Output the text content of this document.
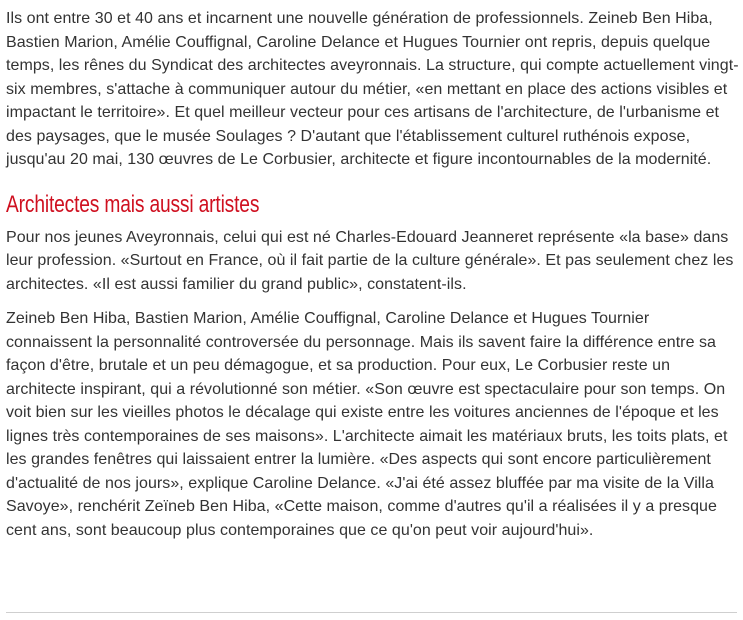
Ils ont entre 30 et 40 ans et incarnent une nouvelle génération de professionnels. Zeineb Ben Hiba, Bastien Marion, Amélie Couffignal, Caroline Delance et Hugues Tournier ont repris, depuis quelque temps, les rênes du Syndicat des architectes aveyronnais. La structure, qui compte actuellement vingt-six membres, s'attache à communiquer autour du métier, «en mettant en place des actions visibles et impactant le territoire». Et quel meilleur vecteur pour ces artisans de l'architecture, de l'urbanisme et des paysages, que le musée Soulages ? D'autant que l'établissement culturel ruthénois expose, jusqu'au 20 mai, 130 œuvres de Le Corbusier, architecte et figure incontournables de la modernité.

Architectes mais aussi artistes

Pour nos jeunes Aveyronnais, celui qui est né Charles-Edouard Jeanneret représente «la base» dans leur profession. «Surtout en France, où il fait partie de la culture générale». Et pas seulement chez les architectes. «Il est aussi familier du grand public», constatent-ils.

Zeineb Ben Hiba, Bastien Marion, Amélie Couffignal, Caroline Delance et Hugues Tournier connaissent la personnalité controversée du personnage. Mais ils savent faire la différence entre sa façon d'être, brutale et un peu démagogue, et sa production. Pour eux, Le Corbusier reste un architecte inspirant, qui a révolutionné son métier. «Son œuvre est spectaculaire pour son temps. On voit bien sur les vieilles photos le décalage qui existe entre les voitures anciennes de l'époque et les lignes très contemporaines de ses maisons». L'architecte aimait les matériaux bruts, les toits plats, et les grandes fenêtres qui laissaient entrer la lumière. «Des aspects qui sont encore particulièrement d'actualité de nos jours», explique Caroline Delance. «J'ai été assez bluffée par ma visite de la Villa Savoye», renchérit Zeïneb Ben Hiba, «Cette maison, comme d'autres qu'il a réalisées il y a presque cent ans, sont beaucoup plus contemporaines que ce qu'on peut voir aujourd'hui».
